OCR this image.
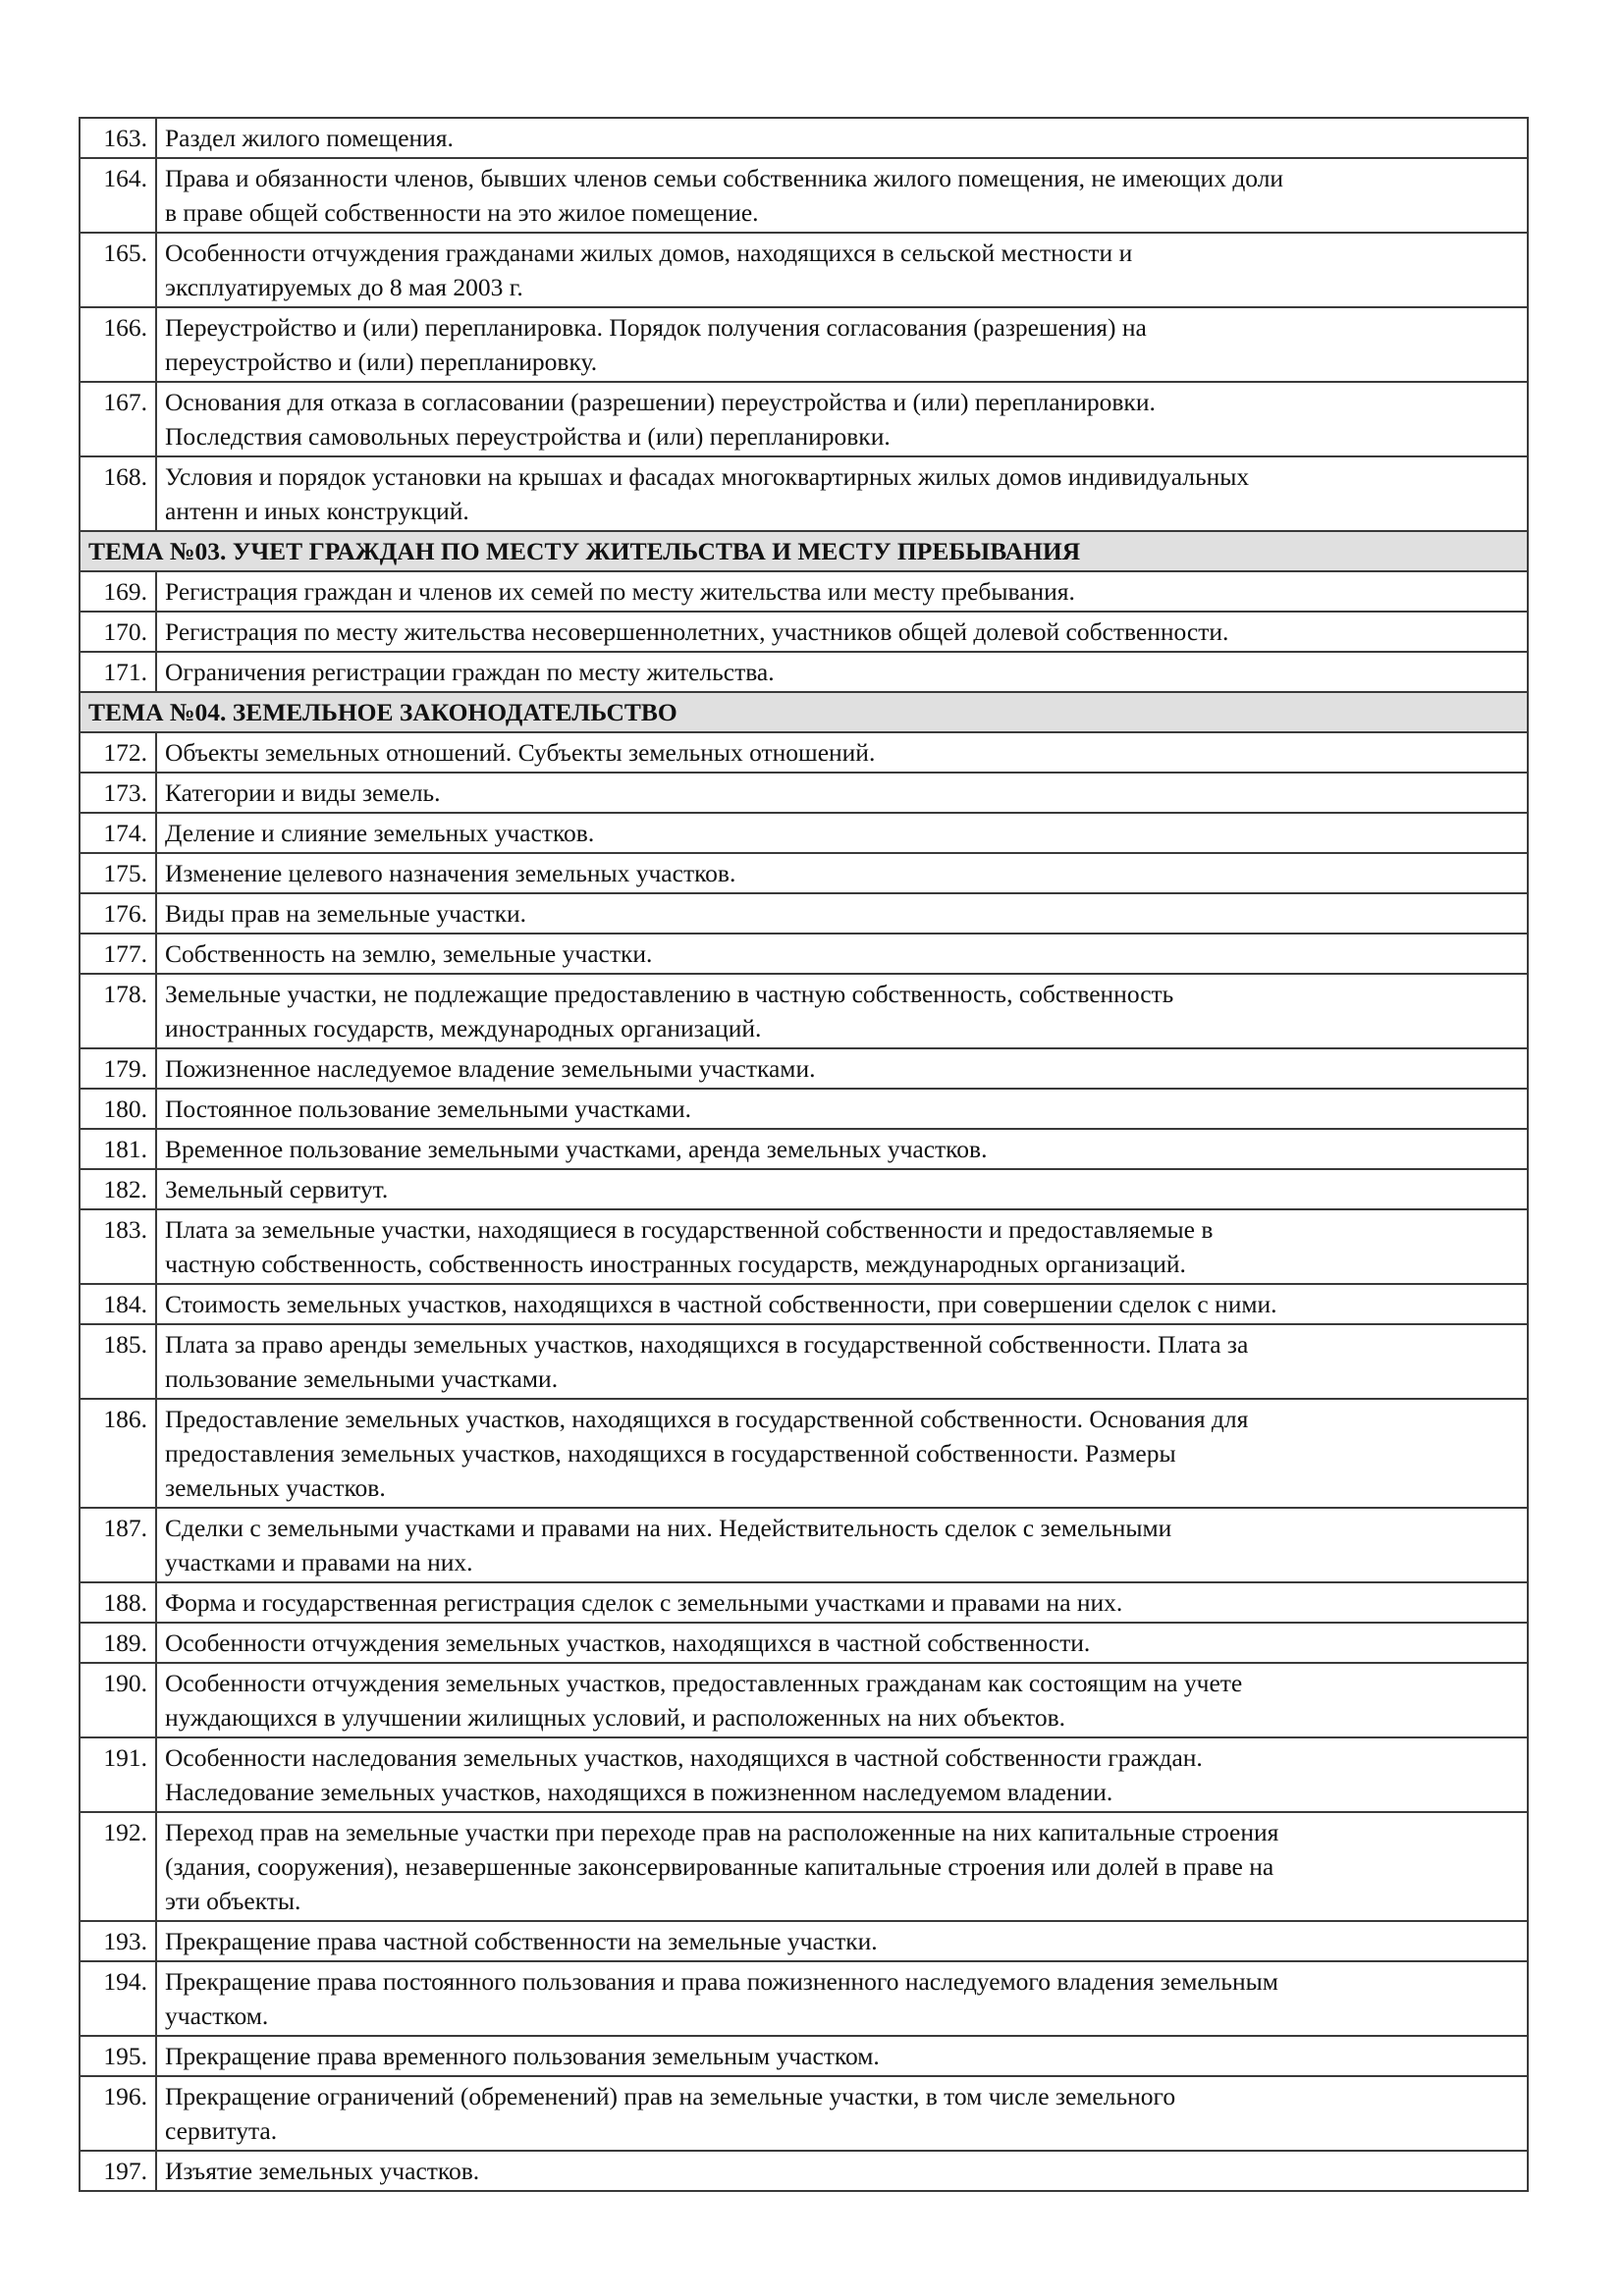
163.	Раздел жилого помещения.

164.	Права и обязанности членов, бывших членов семьи собственника жилого помещения, не имеющих доли
в праве общей собственности на это жилое помещение.

165.	Особенности отчуждения гражданами жилых домов, находящихся в сельской местности и
эксплуатируемых до 8 мая 2003 г.

166.	Переустройство и (или) перепланировка. Порядок получения согласования (разрешения) на
переустройство и (или) перепланировку.

167.	Основания для отказа в согласовании (разрешении) переустройства и (или) перепланировки.
Последствия самовольных переустройства и (или) перепланировки.

168.	Условия и порядок установки на крышах и фасадах многоквартирных жилых домов индивидуальных
антенн и иных конструкций.

ТЕМА №03. УЧЕТ ГРАЖДАН ПО МЕСТУ ЖИТЕЛЬСТВА И МЕСТУ ПРЕБЫВАНИЯ	
169.	Регистрация граждан и членов их семей по месту жительства или месту пребывания.

170.	Регистрация по месту жительства несовершеннолетних, участников общей долевой собственности.

171.	Ограничения регистрации граждан по месту жительства.

ТЕМА №04. ЗЕМЕЛЬНОЕ ЗАКОНОДАТЕЛЬСТВО	
172.	Объекты земельных отношений. Субъекты земельных отношений.

173.	Категории и виды земель.

174.	Деление и слияние земельных участков.

175.	Изменение целевого назначения земельных участков.

176.	Виды прав на земельные участки.

177.	Собственность на землю, земельные участки.

178.	Земельные участки, не подлежащие предоставлению в частную собственность, собственность
иностранных государств, международных организаций.

179.	Пожизненное наследуемое владение земельными участками.

180.	Постоянное пользование земельными участками.

181.	Временное пользование земельными участками, аренда земельных участков.

182.	Земельный сервитут.

183.	Плата за земельные участки, находящиеся в государственной собственности и предоставляемые в
частную собственность, собственность иностранных государств, международных организаций.

184.	Стоимость земельных участков, находящихся в частной собственности, при совершении сделок с ними.

185.	Плата за право аренды земельных участков, находящихся в государственной собственности. Плата за
пользование земельными участками.

186.	Предоставление земельных участков, находящихся в государственной собственности. Основания для
предоставления земельных участков, находящихся в государственной собственности. Размеры
земельных участков.

187.	Сделки с земельными участками и правами на них. Недействительность сделок с земельными
участками и правами на них.

188.	Форма и государственная регистрация сделок с земельными участками и правами на них.

189.	Особенности отчуждения земельных участков, находящихся в частной собственности.

190.	Особенности отчуждения земельных участков, предоставленных гражданам как состоящим на учете
нуждающихся в улучшении жилищных условий, и расположенных на них объектов.

191.	Особенности наследования земельных участков, находящихся в частной собственности граждан.
Наследование земельных участков, находящихся в пожизненном наследуемом владении.

192.	Переход прав на земельные участки при переходе прав на расположенные на них капитальные строения
(здания, сооружения), незавершенные законсервированные капитальные строения или долей в праве на
эти объекты.

193.	Прекращение права частной собственности на земельные участки.

194.	Прекращение права постоянного пользования и права пожизненного наследуемого владения земельным
участком.

195.	Прекращение права временного пользования земельным участком.

196.	Прекращение ограничений (обременений) прав на земельные участки, в том числе земельного
сервитута.

197.	Изъятие земельных участков.
